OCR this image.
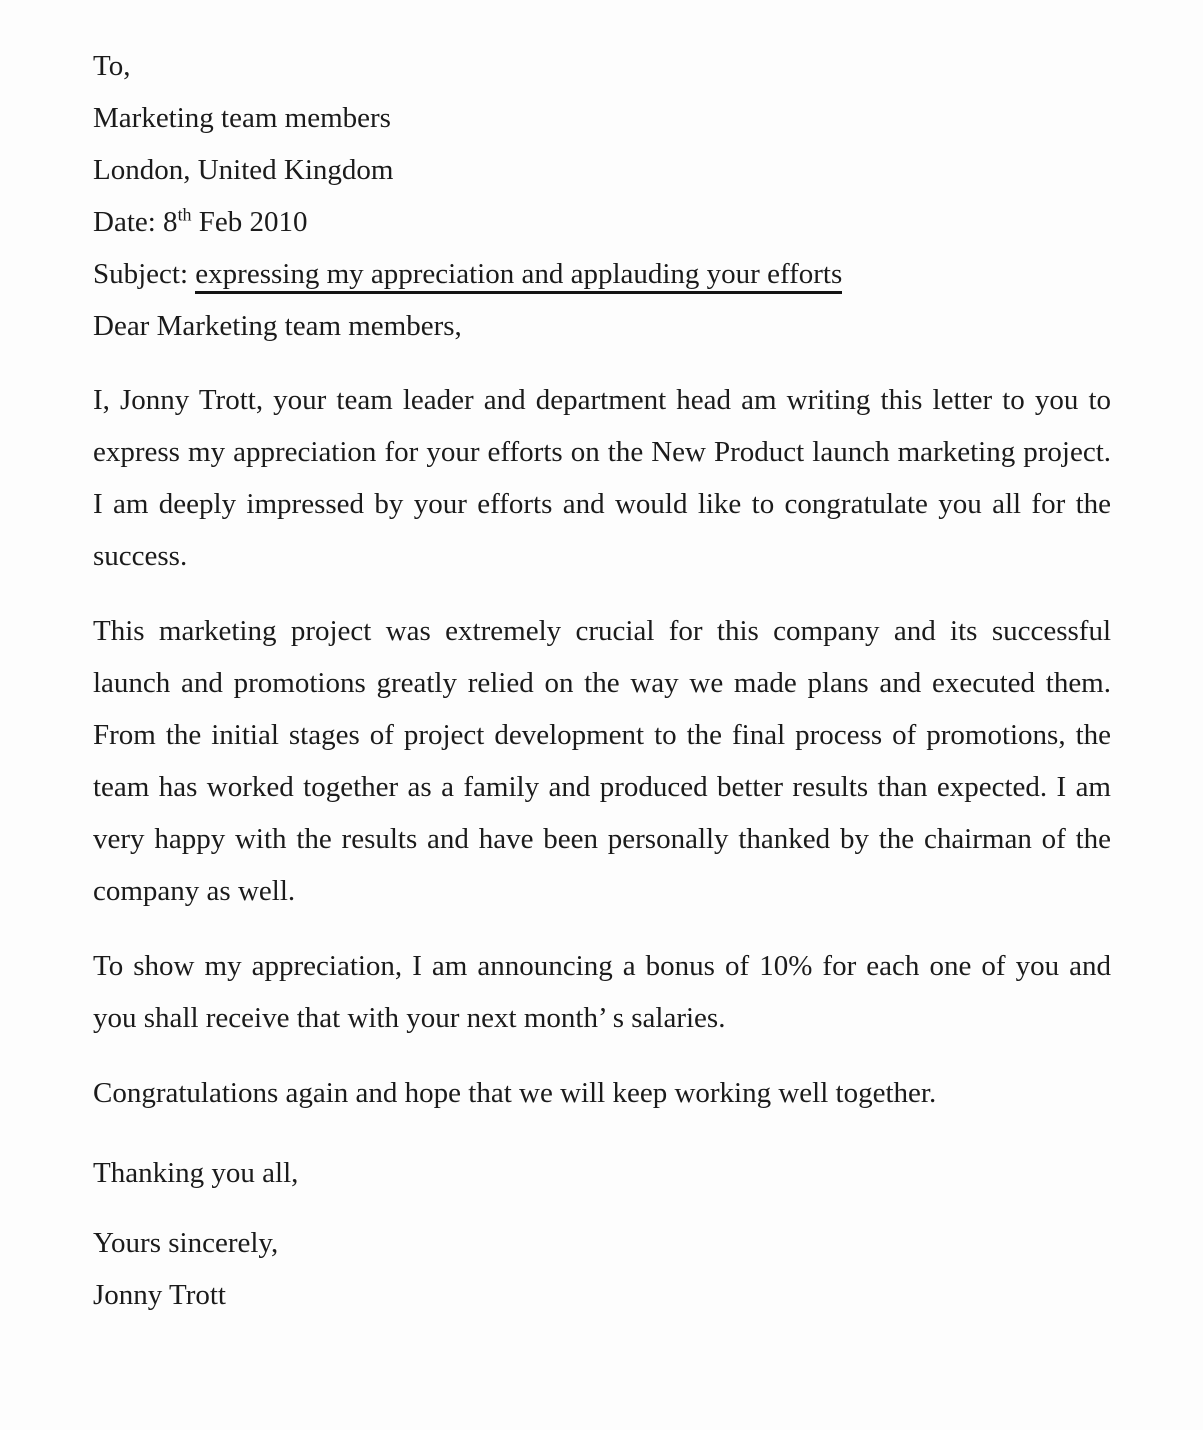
To,

Marketing team members

London, United Kingdom

Date: 8th Feb 2010

Subject: expressing my appreciation and applauding your efforts

Dear Marketing team members,

I, Jonny Trott, your team leader and department head am writing this letter to you to express my appreciation for your efforts on the New Product launch marketing project. I am deeply impressed by your efforts and would like to congratulate you all for the success.

This marketing project was extremely crucial for this company and its successful launch and promotions greatly relied on the way we made plans and executed them. From the initial stages of project development to the final process of promotions, the team has worked together as a family and produced better results than expected. I am very happy with the results and have been personally thanked by the chairman of the company as well.

To show my appreciation, I am announcing a bonus of 10% for each one of you and you shall receive that with your next month’ s salaries.

Congratulations again and hope that we will keep working well together.

Thanking you all,

Yours sincerely,

Jonny Trott
